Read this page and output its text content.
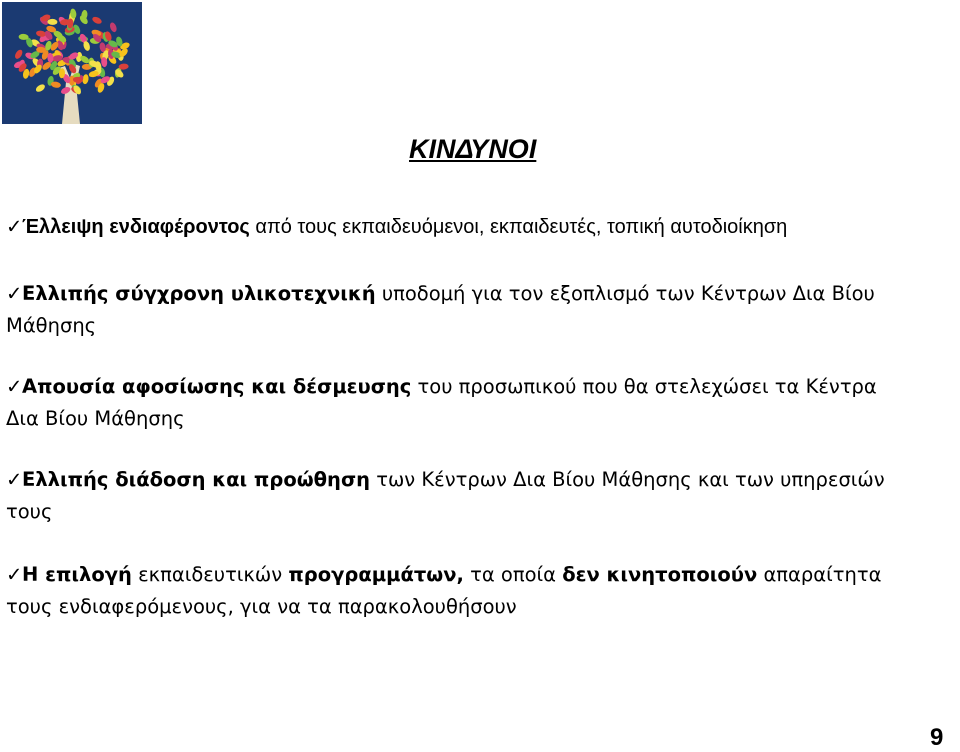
ΚΙΝΔΥΝΟΙ
✓Έλλειψη ενδιαφέροντος από τους εκπαιδευόμενοι, εκπαιδευτές, τοπική αυτοδιοίκηση
✓Ελλιπής σύγχρονη υλικοτεχνική υποδομή για τον εξοπλισμό των Κέντρων Δια Βίου
Μάθησης
✓Απουσία αφοσίωσης και δέσμευσης του προσωπικού που θα στελεχώσει τα Κέντρα
Δια Βίου Μάθησης
✓Ελλιπής διάδοση και προώθηση των Κέντρων Δια Βίου Μάθησης και των υπηρεσιών
τους
✓Η επιλογή εκπαιδευτικών προγραμμάτων, τα οποία δεν κινητοποιούν απαραίτητα
τους ενδιαφερόμενους, για να τα παρακολουθήσουν
9
